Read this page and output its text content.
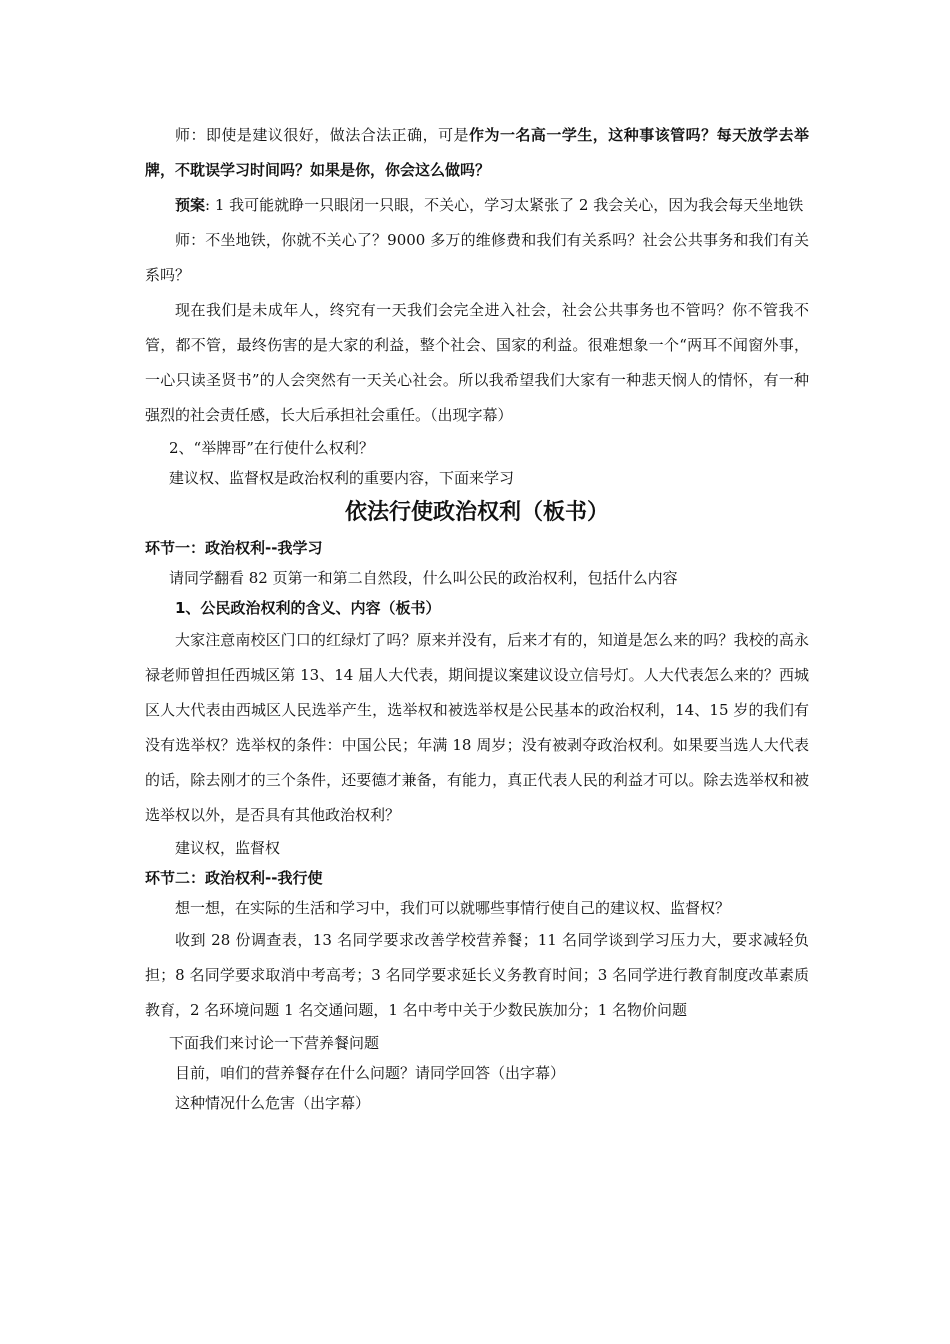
师：即使是建议很好，做法合法正确，可是作为一名高一学生，这种事该管吗？每天放学去举牌，不耽误学习时间吗？如果是你，你会这么做吗？

预案: 1 我可能就睁一只眼闭一只眼，不关心，学习太紧张了 2 我会关心，因为我会每天坐地铁

师：不坐地铁，你就不关心了？9000 多万的维修费和我们有关系吗？社会公共事务和我们有关系吗？

现在我们是未成年人，终究有一天我们会完全进入社会，社会公共事务也不管吗？你不管我不管，都不管，最终伤害的是大家的利益，整个社会、国家的利益。很难想象一个“两耳不闻窗外事，一心只读圣贤书”的人会突然有一天关心社会。所以我希望我们大家有一种悲天悯人的情怀，有一种强烈的社会责任感，长大后承担社会重任。（出现字幕）

2、“举牌哥”在行使什么权利？

建议权、监督权是政治权利的重要内容，下面来学习

依法行使政治权利（板书）

环节一：政治权利--我学习

请同学翻看 82 页第一和第二自然段，什么叫公民的政治权利，包括什么内容

1、公民政治权利的含义、内容（板书）

大家注意南校区门口的红绿灯了吗？原来并没有，后来才有的，知道是怎么来的吗？我校的高永禄老师曾担任西城区第 13、14 届人大代表，期间提议案建议设立信号灯。人大代表怎么来的？西城区人大代表由西城区人民选举产生，选举权和被选举权是公民基本的政治权利，14、15 岁的我们有没有选举权？选举权的条件：中国公民；年满 18 周岁；没有被剥夺政治权利。如果要当选人大代表的话，除去刚才的三个条件，还要德才兼备，有能力，真正代表人民的利益才可以。除去选举权和被选举权以外，是否具有其他政治权利？

建议权，监督权

环节二：政治权利--我行使

想一想，在实际的生活和学习中，我们可以就哪些事情行使自己的建议权、监督权？

收到 28 份调查表，13 名同学要求改善学校营养餐；11 名同学谈到学习压力大，要求减轻负担；8 名同学要求取消中考高考；3 名同学要求延长义务教育时间；3 名同学进行教育制度改革素质教育，2 名环境问题 1 名交通问题，1 名中考中关于少数民族加分；1 名物价问题

下面我们来讨论一下营养餐问题

目前，咱们的营养餐存在什么问题？请同学回答（出字幕）

这种情况什么危害（出字幕）
